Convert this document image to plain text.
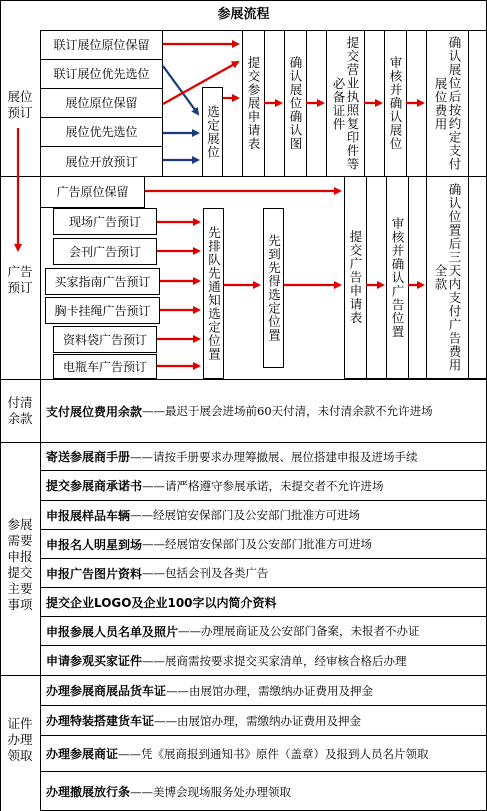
参展流程
展位预订
广告预订
付清余款
参展需要申报提交主要事项
证件办理领取
联订展位原位保留
联订展位优先选位
展位原位保留
展位优先选位
展位开放预订
选定展位	提交参展申请表	确认展位确认图	提交营业执照复印件等必备证件	审核并确认展位	确认展位后按约定支付展位费用
广告原位保留
现场广告预订
会刊广告预订
买家指南广告预订
胸卡挂绳广告预订
资料袋广告预订
电瓶车广告预订
先排队先通知选定位置	先到先得选定位置	提交广告申请表	审核并确认广告位置	确认位置后三天内支付广告费用全款
支付展位费用余款 ——最迟于展会进场前60天付清，未付清余款不允许进场
寄送参展商手册 ——请按手册要求办理筹撤展、展位搭建申报及进场手续
提交参展商承诺书 ——请严格遵守参展承诺，未提交者不允许进场
申报展样品车辆 ——经展馆安保部门及公安部门批准方可进场
申报名人明星到场 ——经展馆安保部门及公安部门批准方可进场
申报广告图片资料 ——包括会刊及各类广告
提交企业LOGO及企业100字以内简介资料
申报参展人员名单及照片 ——办理展商证及公安部门备案，未报者不办证
申请参观买家证件 ——展商需按要求提交买家清单，经审核合格后办理
办理参展商展品货车证 ——由展馆办理，需缴纳办证费用及押金
办理特装搭建货车证 ——由展馆办理，需缴纳办证费用及押金
办理参展商证 ——凭《展商报到通知书》原件（盖章）及报到人员名片领取
办理撤展放行条 ——美博会现场服务处办理领取
